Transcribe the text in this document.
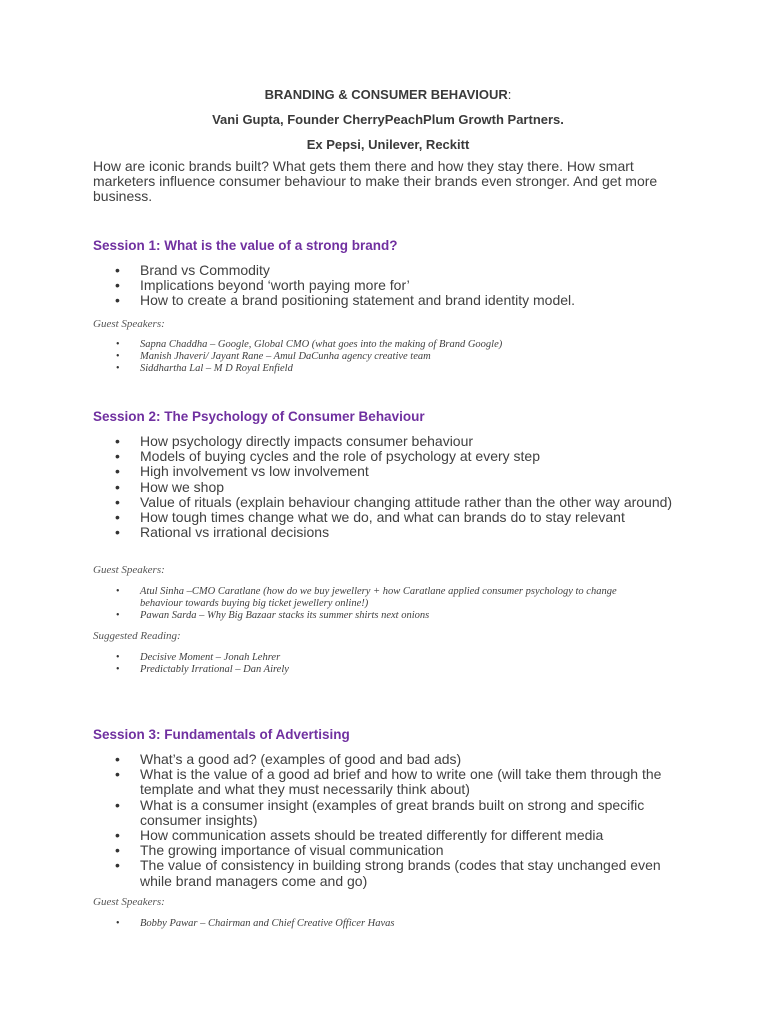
BRANDING & CONSUMER BEHAVIOUR:
Vani Gupta, Founder CherryPeachPlum Growth Partners.
Ex Pepsi, Unilever, Reckitt

How are iconic brands built? What gets them there and how they stay there. How smart marketers influence consumer behaviour to make their brands even stronger. And get more business.

Session 1: What is the value of a strong brand?

• Brand vs Commodity
• Implications beyond ‘worth paying more for’
• How to create a brand positioning statement and brand identity model.

Guest Speakers:

• Sapna Chaddha – Google, Global CMO (what goes into the making of Brand Google)
• Manish Jhaveri/ Jayant Rane – Amul DaCunha agency creative team
• Siddhartha Lal – M D Royal Enfield

Session 2: The Psychology of Consumer Behaviour

• How psychology directly impacts consumer behaviour
• Models of buying cycles and the role of psychology at every step
• High involvement vs low involvement
• How we shop
• Value of rituals (explain behaviour changing attitude rather than the other way around)
• How tough times change what we do, and what can brands do to stay relevant
• Rational vs irrational decisions

Guest Speakers:

• Atul Sinha –CMO Caratlane (how do we buy jewellery + how Caratlane applied consumer psychology to change behaviour towards buying big ticket jewellery online!)
• Pawan Sarda – Why Big Bazaar stacks its summer shirts next onions

Suggested Reading:

• Decisive Moment – Jonah Lehrer
• Predictably Irrational – Dan Airely

Session 3: Fundamentals of Advertising

• What’s a good ad? (examples of good and bad ads)
• What is the value of a good ad brief and how to write one (will take them through the template and what they must necessarily think about)
• What is a consumer insight (examples of great brands built on strong and specific consumer insights)
• How communication assets should be treated differently for different media
• The growing importance of visual communication
• The value of consistency in building strong brands (codes that stay unchanged even while brand managers come and go)

Guest Speakers:

• Bobby Pawar – Chairman and Chief Creative Officer Havas
